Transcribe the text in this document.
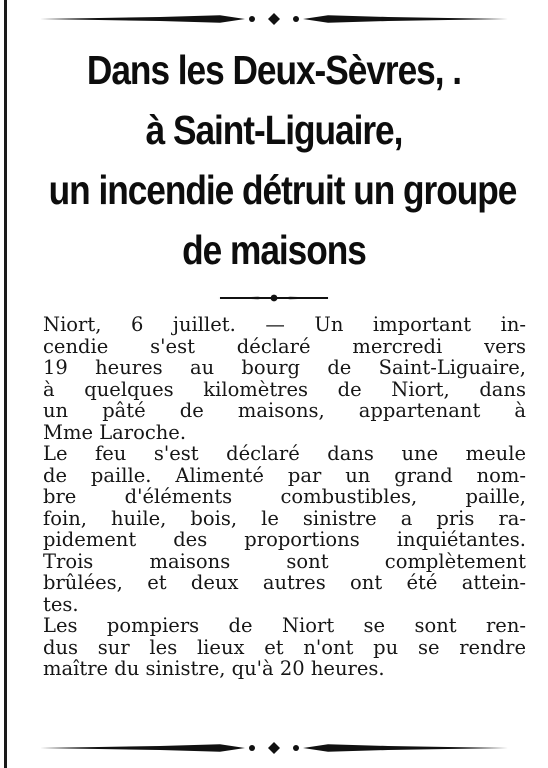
Dans les Deux-Sèvres, .
à Saint-Liguaire,
un incendie détruit un groupe
de maisons

Niort, 6 juillet. — Un important in-
cendie s'est déclaré mercredi vers
19 heures au bourg de Saint-Liguaire,
à quelques kilomètres de Niort, dans
un pâté de maisons, appartenant à
Mme Laroche.

Le feu s'est déclaré dans une meule
de paille. Alimenté par un grand nom-
bre d'éléments combustibles, paille,
foin, huile, bois, le sinistre a pris ra-
pidement des proportions inquiétantes.

Trois maisons sont complètement
brûlées, et deux autres ont été attein-
tes.

Les pompiers de Niort se sont ren-
dus sur les lieux et n'ont pu se rendre
maître du sinistre, qu'à 20 heures.
